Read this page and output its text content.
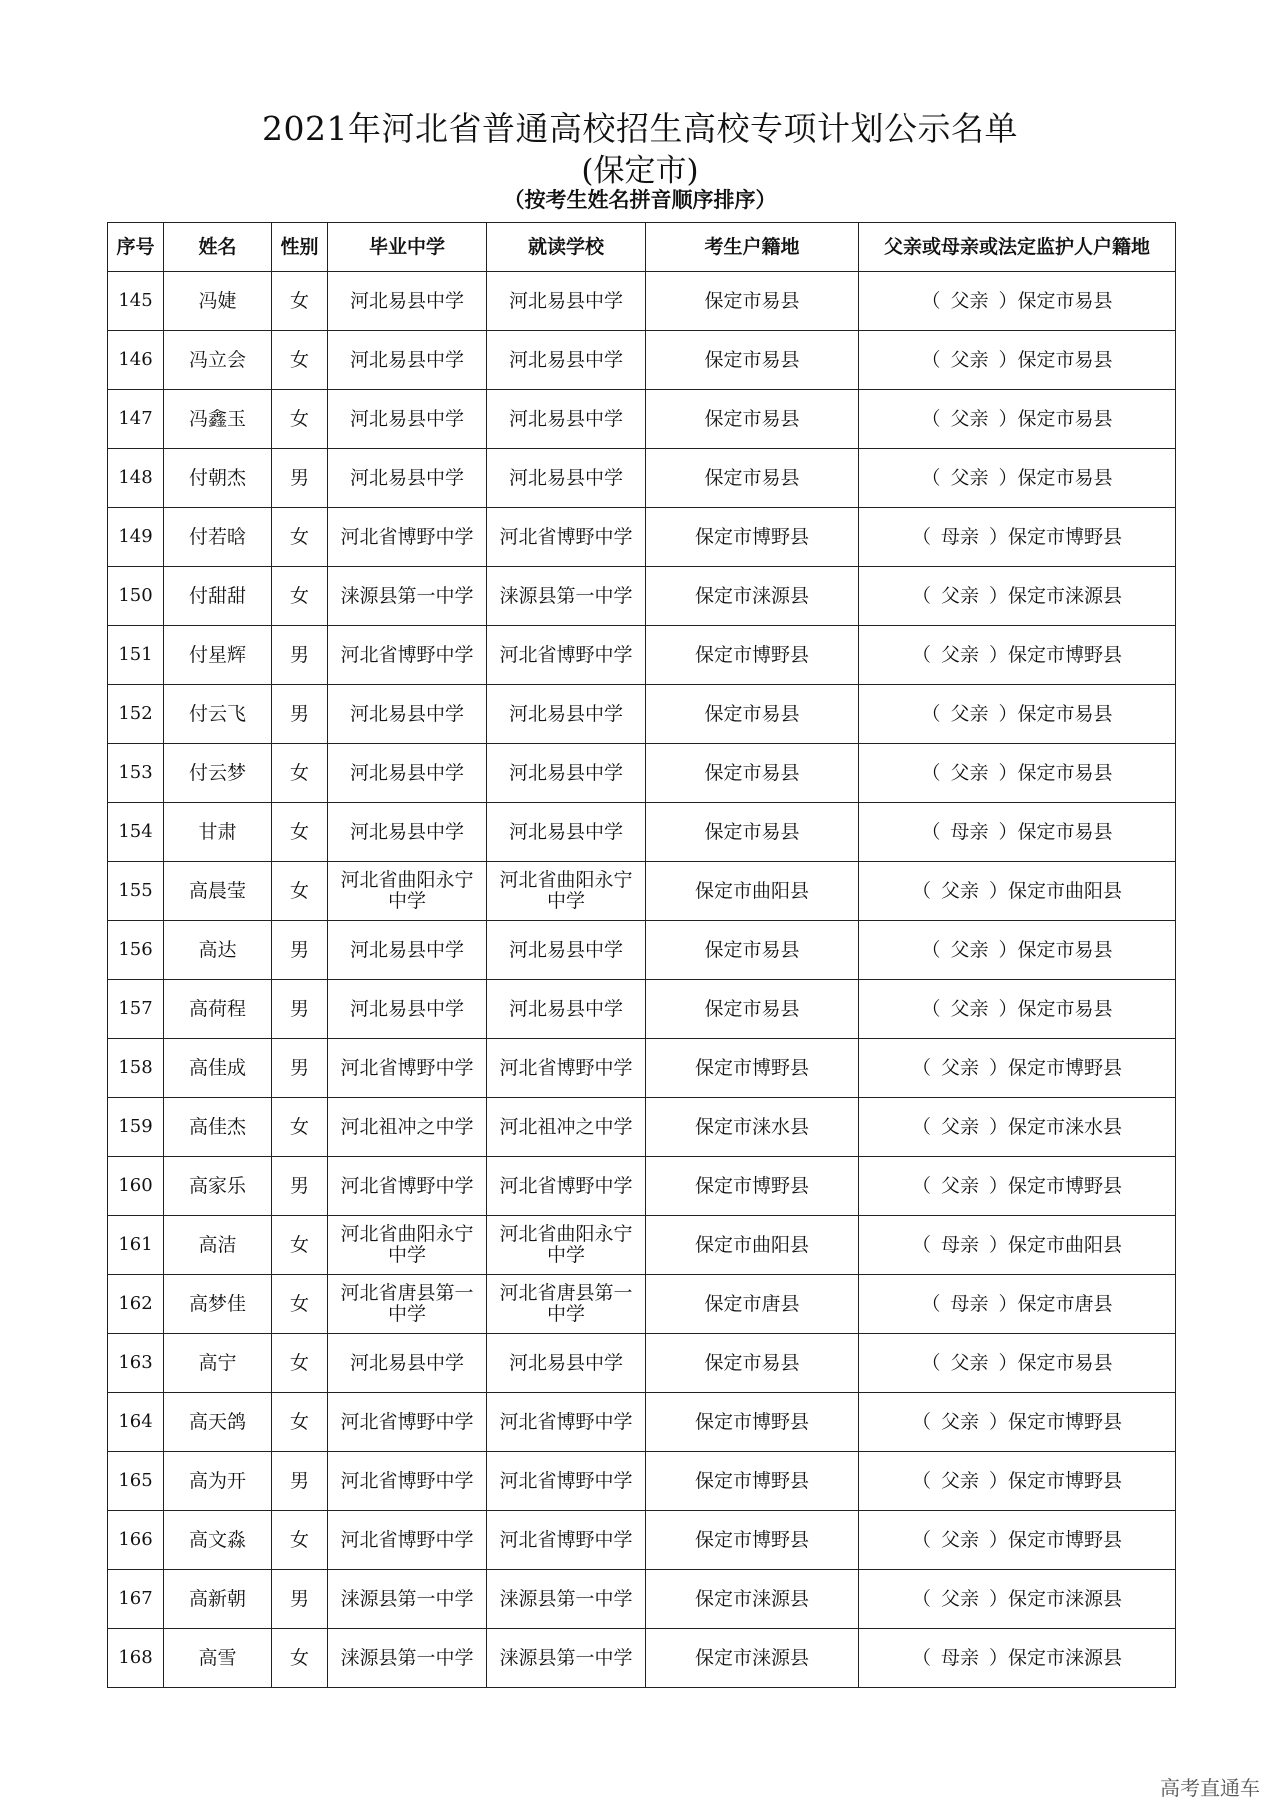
2021年河北省普通高校招生高校专项计划公示名单
(保定市)
（按考生姓名拼音顺序排序）
序号	姓名	性别	毕业中学	就读学校	考生户籍地	父亲或母亲或法定监护人户籍地
145	冯婕	女	河北易县中学	河北易县中学	保定市易县	（ 父亲 ）保定市易县
146	冯立会	女	河北易县中学	河北易县中学	保定市易县	（ 父亲 ）保定市易县
147	冯鑫玉	女	河北易县中学	河北易县中学	保定市易县	（ 父亲 ）保定市易县
148	付朝杰	男	河北易县中学	河北易县中学	保定市易县	（ 父亲 ）保定市易县
149	付若晗	女	河北省博野中学	河北省博野中学	保定市博野县	（ 母亲 ）保定市博野县
150	付甜甜	女	涞源县第一中学	涞源县第一中学	保定市涞源县	（ 父亲 ）保定市涞源县
151	付星辉	男	河北省博野中学	河北省博野中学	保定市博野县	（ 父亲 ）保定市博野县
152	付云飞	男	河北易县中学	河北易县中学	保定市易县	（ 父亲 ）保定市易县
153	付云梦	女	河北易县中学	河北易县中学	保定市易县	（ 父亲 ）保定市易县
154	甘肃	女	河北易县中学	河北易县中学	保定市易县	（ 母亲 ）保定市易县
155	高晨莹	女	河北省曲阳永宁中学	河北省曲阳永宁中学	保定市曲阳县	（ 父亲 ）保定市曲阳县
156	高达	男	河北易县中学	河北易县中学	保定市易县	（ 父亲 ）保定市易县
157	高荷程	男	河北易县中学	河北易县中学	保定市易县	（ 父亲 ）保定市易县
158	高佳成	男	河北省博野中学	河北省博野中学	保定市博野县	（ 父亲 ）保定市博野县
159	高佳杰	女	河北祖冲之中学	河北祖冲之中学	保定市涞水县	（ 父亲 ）保定市涞水县
160	高家乐	男	河北省博野中学	河北省博野中学	保定市博野县	（ 父亲 ）保定市博野县
161	高洁	女	河北省曲阳永宁中学	河北省曲阳永宁中学	保定市曲阳县	（ 母亲 ）保定市曲阳县
162	高梦佳	女	河北省唐县第一中学	河北省唐县第一中学	保定市唐县	（ 母亲 ）保定市唐县
163	高宁	女	河北易县中学	河北易县中学	保定市易县	（ 父亲 ）保定市易县
164	高天鸽	女	河北省博野中学	河北省博野中学	保定市博野县	（ 父亲 ）保定市博野县
165	高为开	男	河北省博野中学	河北省博野中学	保定市博野县	（ 父亲 ）保定市博野县
166	高文淼	女	河北省博野中学	河北省博野中学	保定市博野县	（ 父亲 ）保定市博野县
167	高新朝	男	涞源县第一中学	涞源县第一中学	保定市涞源县	（ 父亲 ）保定市涞源县
168	高雪	女	涞源县第一中学	涞源县第一中学	保定市涞源县	（ 母亲 ）保定市涞源县
高考直通车
